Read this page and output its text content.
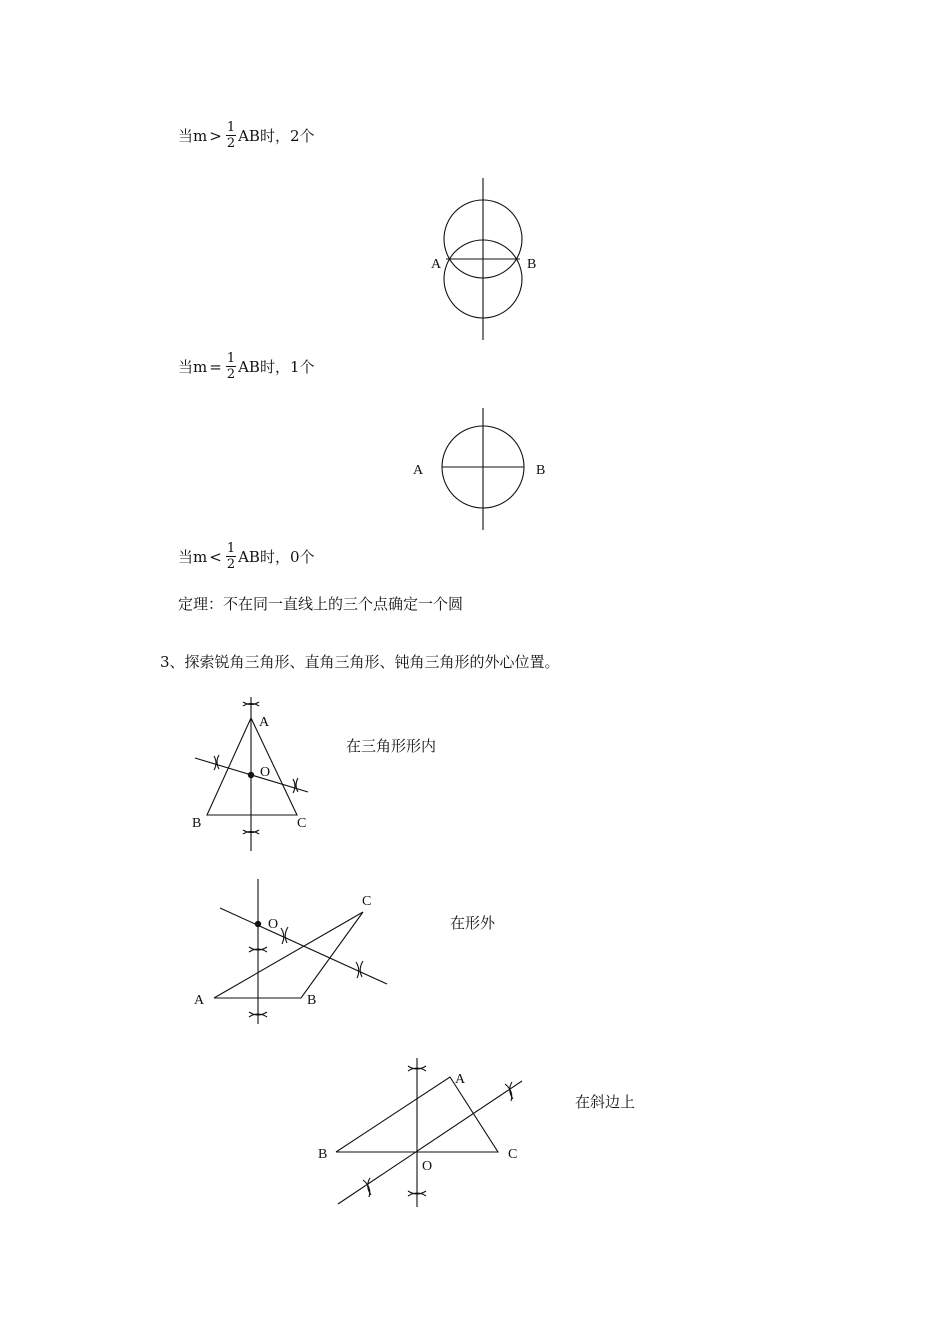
当$m > \frac{1}{2}$ AB时，2个
当$m = \frac{1}{2}$ AB时，1个
当$m < \frac{1}{2}$ AB时，0个
定理：不在同一直线上的三个点确定一个圆
3、探索锐角三角形、直角三角形、钝角三角形的外心位置。
在三角形形内
在形外
在斜边上
A	B
A	B
A
B	C
O
O
A	B
C
A
B	C
O
